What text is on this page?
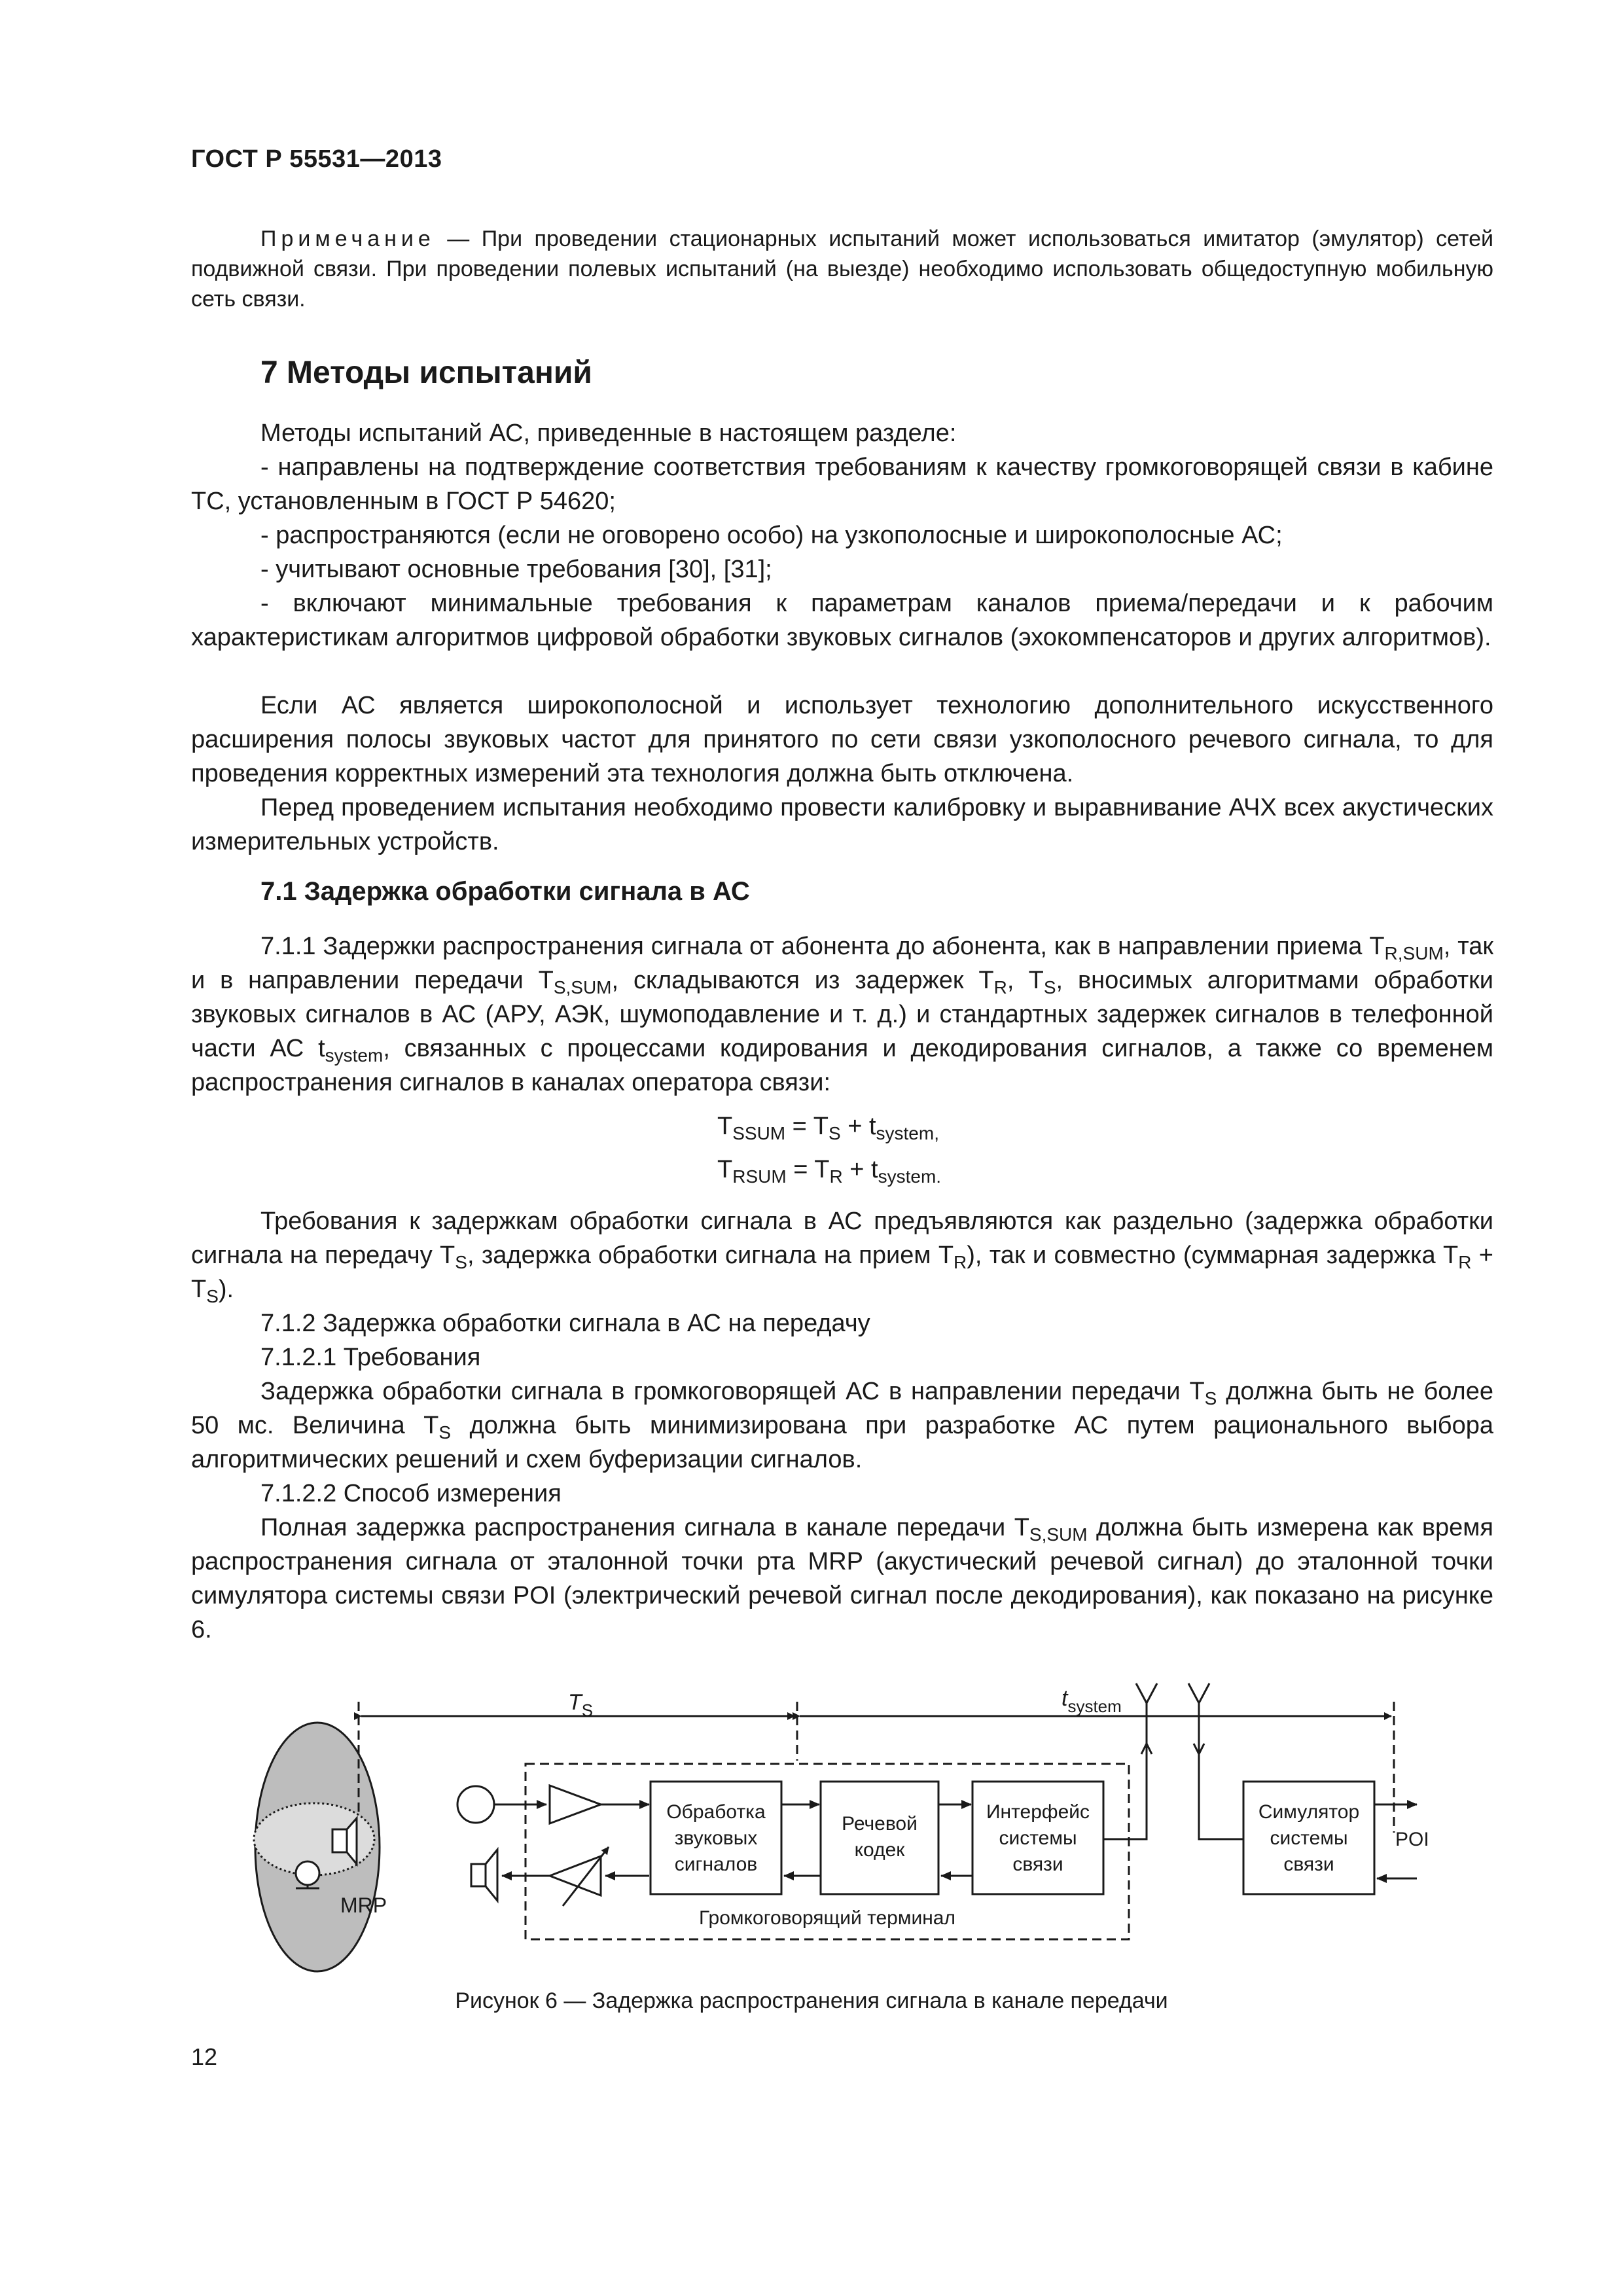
ГОСТ Р 55531—2013
Примечание — При проведении стационарных испытаний может использоваться имитатор (эмулятор) сетей подвижной связи. При проведении полевых испытаний (на выезде) необходимо использовать общедоступную мобильную сеть связи.
7 Методы испытаний
Методы испытаний АС, приведенные в настоящем разделе:
- направлены на подтверждение соответствия требованиям к качеству громкоговорящей связи в кабине ТС, установленным в ГОСТ Р 54620;
- распространяются (если не оговорено особо) на узкополосные и широкополосные АС;
- учитывают основные требования [30], [31];
- включают минимальные требования к параметрам каналов приема/передачи и к рабочим характеристикам алгоритмов цифровой обработки звуковых сигналов (эхокомпенсаторов и других алгоритмов).
Если АС является широкополосной и использует технологию дополнительного искусственного расширения полосы звуковых частот для принятого по сети связи узкополосного речевого сигнала, то для проведения корректных измерений эта технология должна быть отключена.
Перед проведением испытания необходимо провести калибровку и выравнивание АЧХ всех акустических измерительных устройств.
7.1 Задержка обработки сигнала в АС
7.1.1 Задержки распространения сигнала от абонента до абонента, как в направлении приема $T_{R,SUM}$, так и в направлении передачи $T_{S,SUM}$, складываются из задержек $T_R$, $T_S$, вносимых алгоритмами обработки звуковых сигналов в АС (АРУ, АЭК, шумоподавление и т. д.) и стандартных задержек сигналов в телефонной части АС $t_{system}$, связанных с процессами кодирования и декодирования сигналов, а также со временем распространения сигналов в каналах оператора связи:
$T_{SSUM} = T_S + t_{system,}$
$T_{RSUM} = T_R + t_{system.}$
Требования к задержкам обработки сигнала в АС предъявляются как раздельно (задержка обработки сигнала на передачу $T_S$, задержка обработки сигнала на прием $T_R$), так и совместно (суммарная задержка $T_R + T_S$).
7.1.2 Задержка обработки сигнала в АС на передачу
7.1.2.1 Требования
Задержка обработки сигнала в громкоговорящей АС в направлении передачи $T_S$ должна быть не более 50 мс. Величина $T_S$ должна быть минимизирована при разработке АС путем рационального выбора алгоритмических решений и схем буферизации сигналов.
7.1.2.2 Способ измерения
Полная задержка распространения сигнала в канале передачи $T_{S,SUM}$ должна быть измерена как время распространения сигнала от эталонной точки рта MRP (акустический речевой сигнал) до эталонной точки симулятора системы связи POI (электрический речевой сигнал после декодирования), как показано на рисунке 6.
MRP
$T_S$	$t_{system}$
Громкоговорящий терминал
Обработка
звуковых
сигналов
Речевой
кодек
Интерфейс
системы
связи
Симулятор
системы
связи
POI
Рисунок 6 — Задержка распространения сигнала в канале передачи
12
